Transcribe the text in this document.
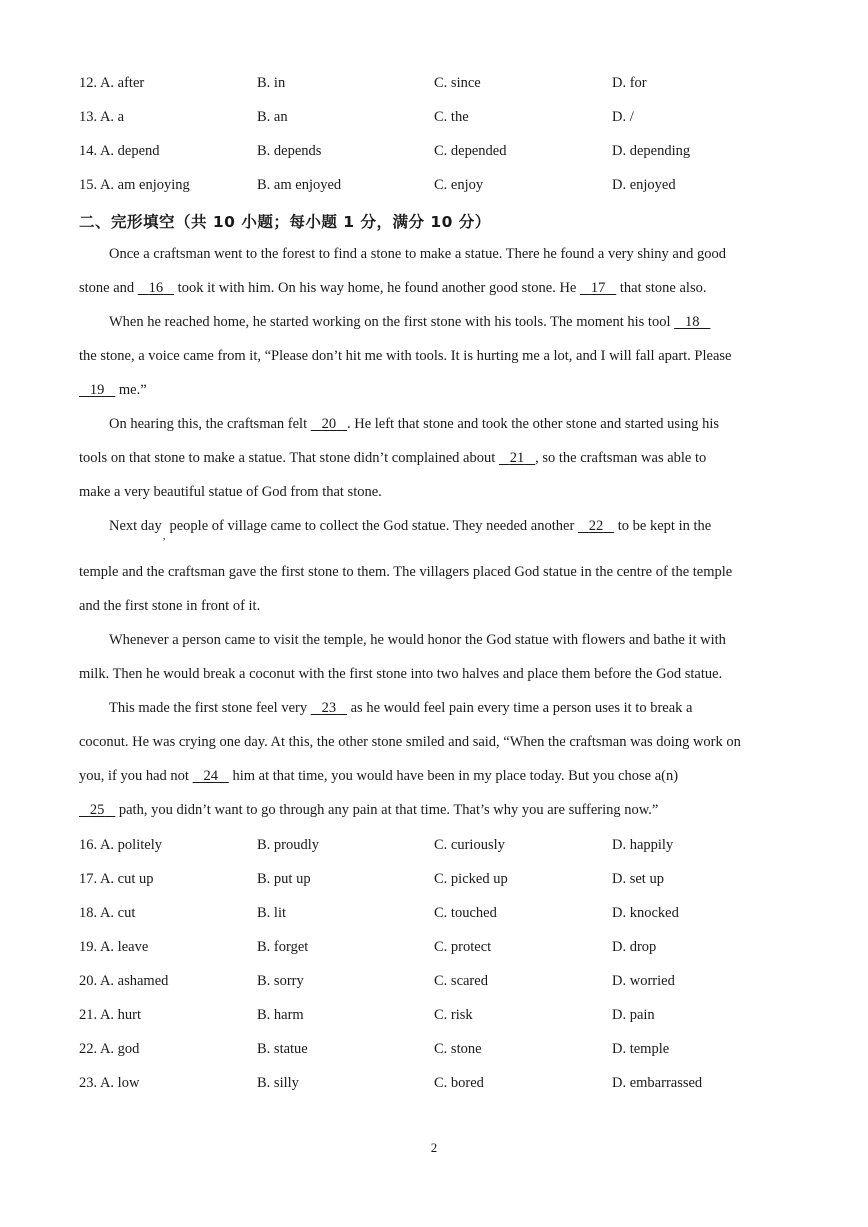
12. A. after	B. in	C. since	D. for
13. A. a	B. an	C. the	D. /
14. A. depend	B. depends	C. depended	D. depending
15. A. am enjoying	B. am enjoyed	C. enjoy	D. enjoyed
二、完形填空（共 10 小题；每小题 1 分，满分 10 分）
Once a craftsman went to the forest to find a stone to make a statue. There he found a very shiny and good
stone and    16    took it with him. On his way home, he found another good stone. He    17    that stone also.
When he reached home, he started working on the first stone with his tools. The moment his tool    18
the stone, a voice came from it, “Please don’t hit me with tools. It is hurting me a lot, and I will fall apart. Please
19    me.”
On hearing this, the craftsman felt    20 . He left that stone and took the other stone and started using his
tools on that stone to make a statue. That stone didn’t complained about    21 , so the craftsman was able to
make a very beautiful statue of God from that stone.
Next day$_,$people of village came to collect the God statue. They needed another    22    to be kept in the
temple and the craftsman gave the first stone to them. The villagers placed God statue in the centre of the temple
and the first stone in front of it.
Whenever a person came to visit the temple, he would honor the God statue with flowers and bathe it with
milk. Then he would break a coconut with the first stone into two halves and place them before the God statue.
This made the first stone feel very    23    as he would feel pain every time a person uses it to break a
coconut. He was crying one day. At this, the other stone smiled and said, “When the craftsman was doing work on
you, if you had not    24    him at that time, you would have been in my place today. But you chose a(n)
25    path, you didn’t want to go through any pain at that time. That’s why you are suffering now.”
16. A. politely	B. proudly	C. curiously	D. happily
17. A. cut up	B. put up	C. picked up	D. set up
18. A. cut	B. lit	C. touched	D. knocked
19. A. leave	B. forget	C. protect	D. drop
20. A. ashamed	B. sorry	C. scared	D. worried
21. A. hurt	B. harm	C. risk	D. pain
22. A. god	B. statue	C. stone	D. temple
23. A. low	B. silly	C. bored	D. embarrassed
2
